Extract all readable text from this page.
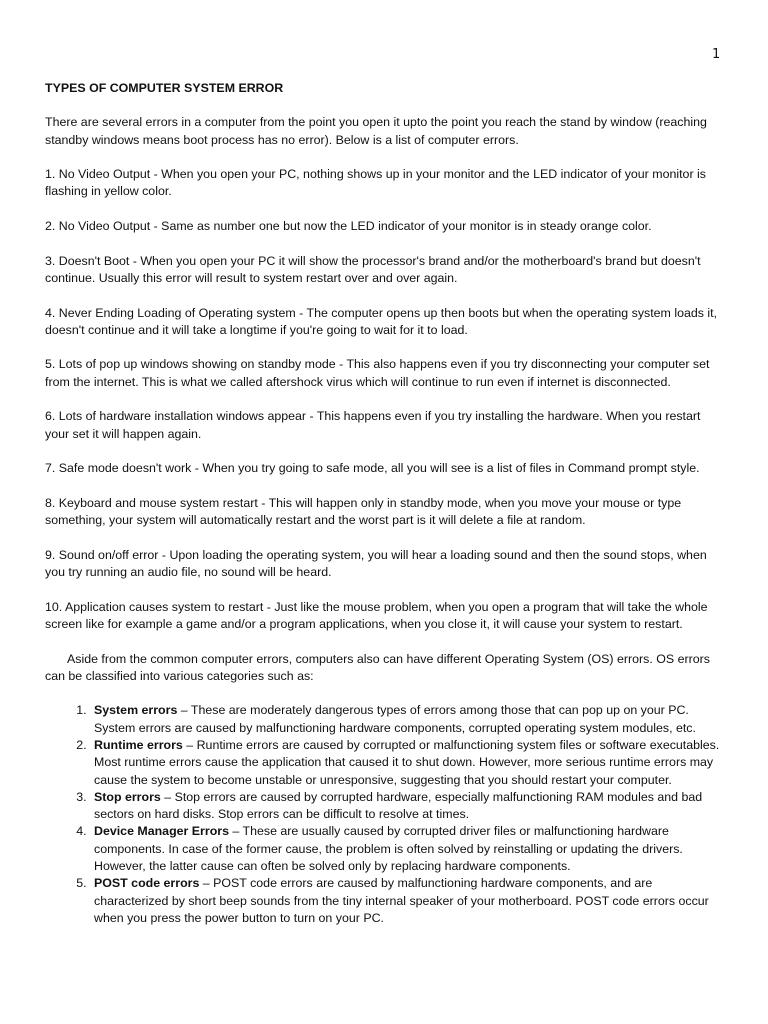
1
TYPES OF COMPUTER SYSTEM ERROR

There are several errors in a computer from the point you open it upto the point you reach the stand by window (reaching standby windows means boot process has no error). Below is a list of computer errors.

1. No Video Output - When you open your PC, nothing shows up in your monitor and the LED indicator of your monitor is flashing in yellow color.

2. No Video Output - Same as number one but now the LED indicator of your monitor is in steady orange color.

3. Doesn't Boot - When you open your PC it will show the processor's brand and/or the motherboard's brand but doesn't continue. Usually this error will result to system restart over and over again.

4. Never Ending Loading of Operating system - The computer opens up then boots but when the operating system loads it, doesn't continue and it will take a longtime if you're going to wait for it to load.

5. Lots of pop up windows showing on standby mode - This also happens even if you try disconnecting your computer set from the internet. This is what we called aftershock virus which will continue to run even if internet is disconnected.

6. Lots of hardware installation windows appear - This happens even if you try installing the hardware. When you restart your set it will happen again.

7. Safe mode doesn't work - When you try going to safe mode, all you will see is a list of files in Command prompt style.

8. Keyboard and mouse system restart - This will happen only in standby mode, when you move your mouse or type something, your system will automatically restart and the worst part is it will delete a file at random.

9. Sound on/off error - Upon loading the operating system, you will hear a loading sound and then the sound stops, when you try running an audio file, no sound will be heard.

10. Application causes system to restart - Just like the mouse problem, when you open a program that will take the whole screen like for example a game and/or a program applications, when you close it, it will cause your system to restart.

Aside from the common computer errors, computers also can have different Operating System (OS) errors. OS errors can be classified into various categories such as:

1. System errors – These are moderately dangerous types of errors among those that can pop up on your PC. System errors are caused by malfunctioning hardware components, corrupted operating system modules, etc.
2. Runtime errors – Runtime errors are caused by corrupted or malfunctioning system files or software executables. Most runtime errors cause the application that caused it to shut down. However, more serious runtime errors may cause the system to become unstable or unresponsive, suggesting that you should restart your computer.
3. Stop errors – Stop errors are caused by corrupted hardware, especially malfunctioning RAM modules and bad sectors on hard disks. Stop errors can be difficult to resolve at times.
4. Device Manager Errors – These are usually caused by corrupted driver files or malfunctioning hardware components. In case of the former cause, the problem is often solved by reinstalling or updating the drivers. However, the latter cause can often be solved only by replacing hardware components.
5. POST code errors – POST code errors are caused by malfunctioning hardware components, and are characterized by short beep sounds from the tiny internal speaker of your motherboard. POST code errors occur when you press the power button to turn on your PC.
